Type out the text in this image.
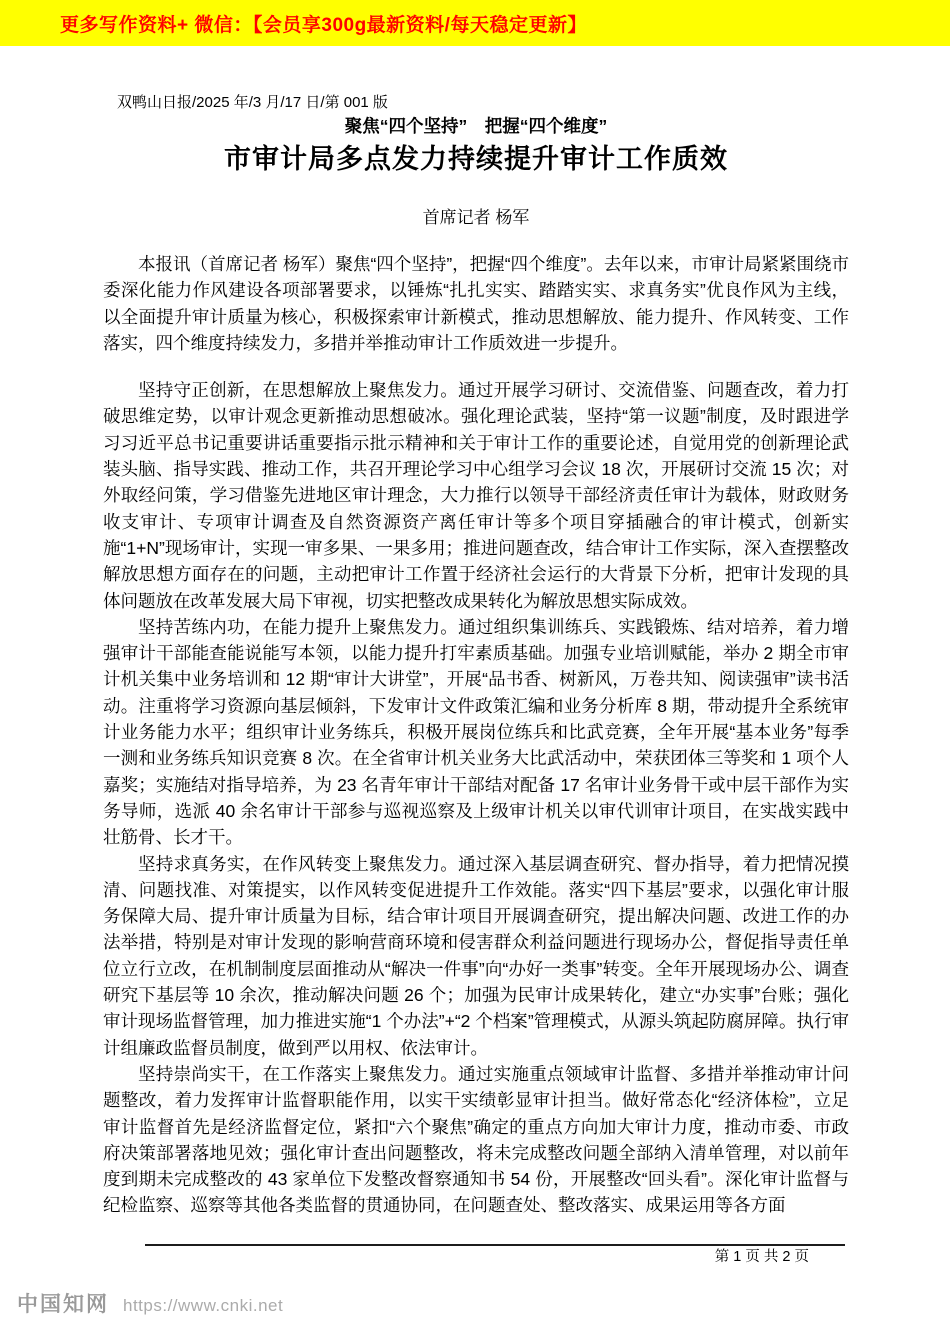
更多写作资料+ 微信：【会员享300g最新资料/每天稳定更新】
双鸭山日报/2025 年/3 月/17 日/第 001 版
聚焦“四个坚持”　把握“四个维度”
市审计局多点发力持续提升审计工作质效
首席记者 杨军

本报讯（首席记者 杨军）聚焦“四个坚持”，把握“四个维度”。去年以来，市审计局紧紧围绕市委深化能力作风建设各项部署要求，以锤炼“扎扎实实、踏踏实实、求真务实”优良作风为主线，以全面提升审计质量为核心，积极探索审计新模式，推动思想解放、能力提升、作风转变、工作落实，四个维度持续发力，多措并举推动审计工作质效进一步提升。

坚持守正创新，在思想解放上聚焦发力。通过开展学习研讨、交流借鉴、问题查改，着力打破思维定势，以审计观念更新推动思想破冰。强化理论武装，坚持“第一议题”制度，及时跟进学习习近平总书记重要讲话重要指示批示精神和关于审计工作的重要论述，自觉用党的创新理论武装头脑、指导实践、推动工作，共召开理论学习中心组学习会议 18 次，开展研讨交流 15 次；对外取经问策，学习借鉴先进地区审计理念，大力推行以领导干部经济责任审计为载体，财政财务收支审计、专项审计调查及自然资源资产离任审计等多个项目穿插融合的审计模式，创新实施“1+N”现场审计，实现一审多果、一果多用；推进问题查改，结合审计工作实际，深入查摆整改解放思想方面存在的问题，主动把审计工作置于经济社会运行的大背景下分析，把审计发现的具体问题放在改革发展大局下审视，切实把整改成果转化为解放思想实际成效。

坚持苦练内功，在能力提升上聚焦发力。通过组织集训练兵、实践锻炼、结对培养，着力增强审计干部能查能说能写本领，以能力提升打牢素质基础。加强专业培训赋能，举办 2 期全市审计机关集中业务培训和 12 期“审计大讲堂”，开展“品书香、树新风，万卷共知、阅读强审”读书活动。注重将学习资源向基层倾斜，下发审计文件政策汇编和业务分析库 8 期，带动提升全系统审计业务能力水平；组织审计业务练兵，积极开展岗位练兵和比武竞赛，全年开展“基本业务”每季一测和业务练兵知识竞赛 8 次。在全省审计机关业务大比武活动中，荣获团体三等奖和 1 项个人嘉奖；实施结对指导培养，为 23 名青年审计干部结对配备 17 名审计业务骨干或中层干部作为实务导师，选派 40 余名审计干部参与巡视巡察及上级审计机关以审代训审计项目，在实战实践中壮筋骨、长才干。

坚持求真务实，在作风转变上聚焦发力。通过深入基层调查研究、督办指导，着力把情况摸清、问题找准、对策提实，以作风转变促进提升工作效能。落实“四下基层”要求，以强化审计服务保障大局、提升审计质量为目标，结合审计项目开展调查研究，提出解决问题、改进工作的办法举措，特别是对审计发现的影响营商环境和侵害群众利益问题进行现场办公，督促指导责任单位立行立改，在机制制度层面推动从“解决一件事”向“办好一类事”转变。全年开展现场办公、调查研究下基层等 10 余次，推动解决问题 26 个；加强为民审计成果转化，建立“办实事”台账；强化审计现场监督管理，加力推进实施“1 个办法”+“2 个档案”管理模式，从源头筑起防腐屏障。执行审计组廉政监督员制度，做到严以用权、依法审计。

坚持崇尚实干，在工作落实上聚焦发力。通过实施重点领域审计监督、多措并举推动审计问题整改，着力发挥审计监督职能作用，以实干实绩彰显审计担当。做好常态化“经济体检”，立足审计监督首先是经济监督定位，紧扣“六个聚焦”确定的重点方向加大审计力度，推动市委、市政府决策部署落地见效；强化审计查出问题整改，将未完成整改问题全部纳入清单管理，对以前年度到期未完成整改的 43 家单位下发整改督察通知书 54 份，开展整改“回头看”。深化审计监督与纪检监察、巡察等其他各类监督的贯通协同，在问题查处、整改落实、成果运用等各方面

第 1 页 共 2 页
中国知网 https://www.cnki.net
